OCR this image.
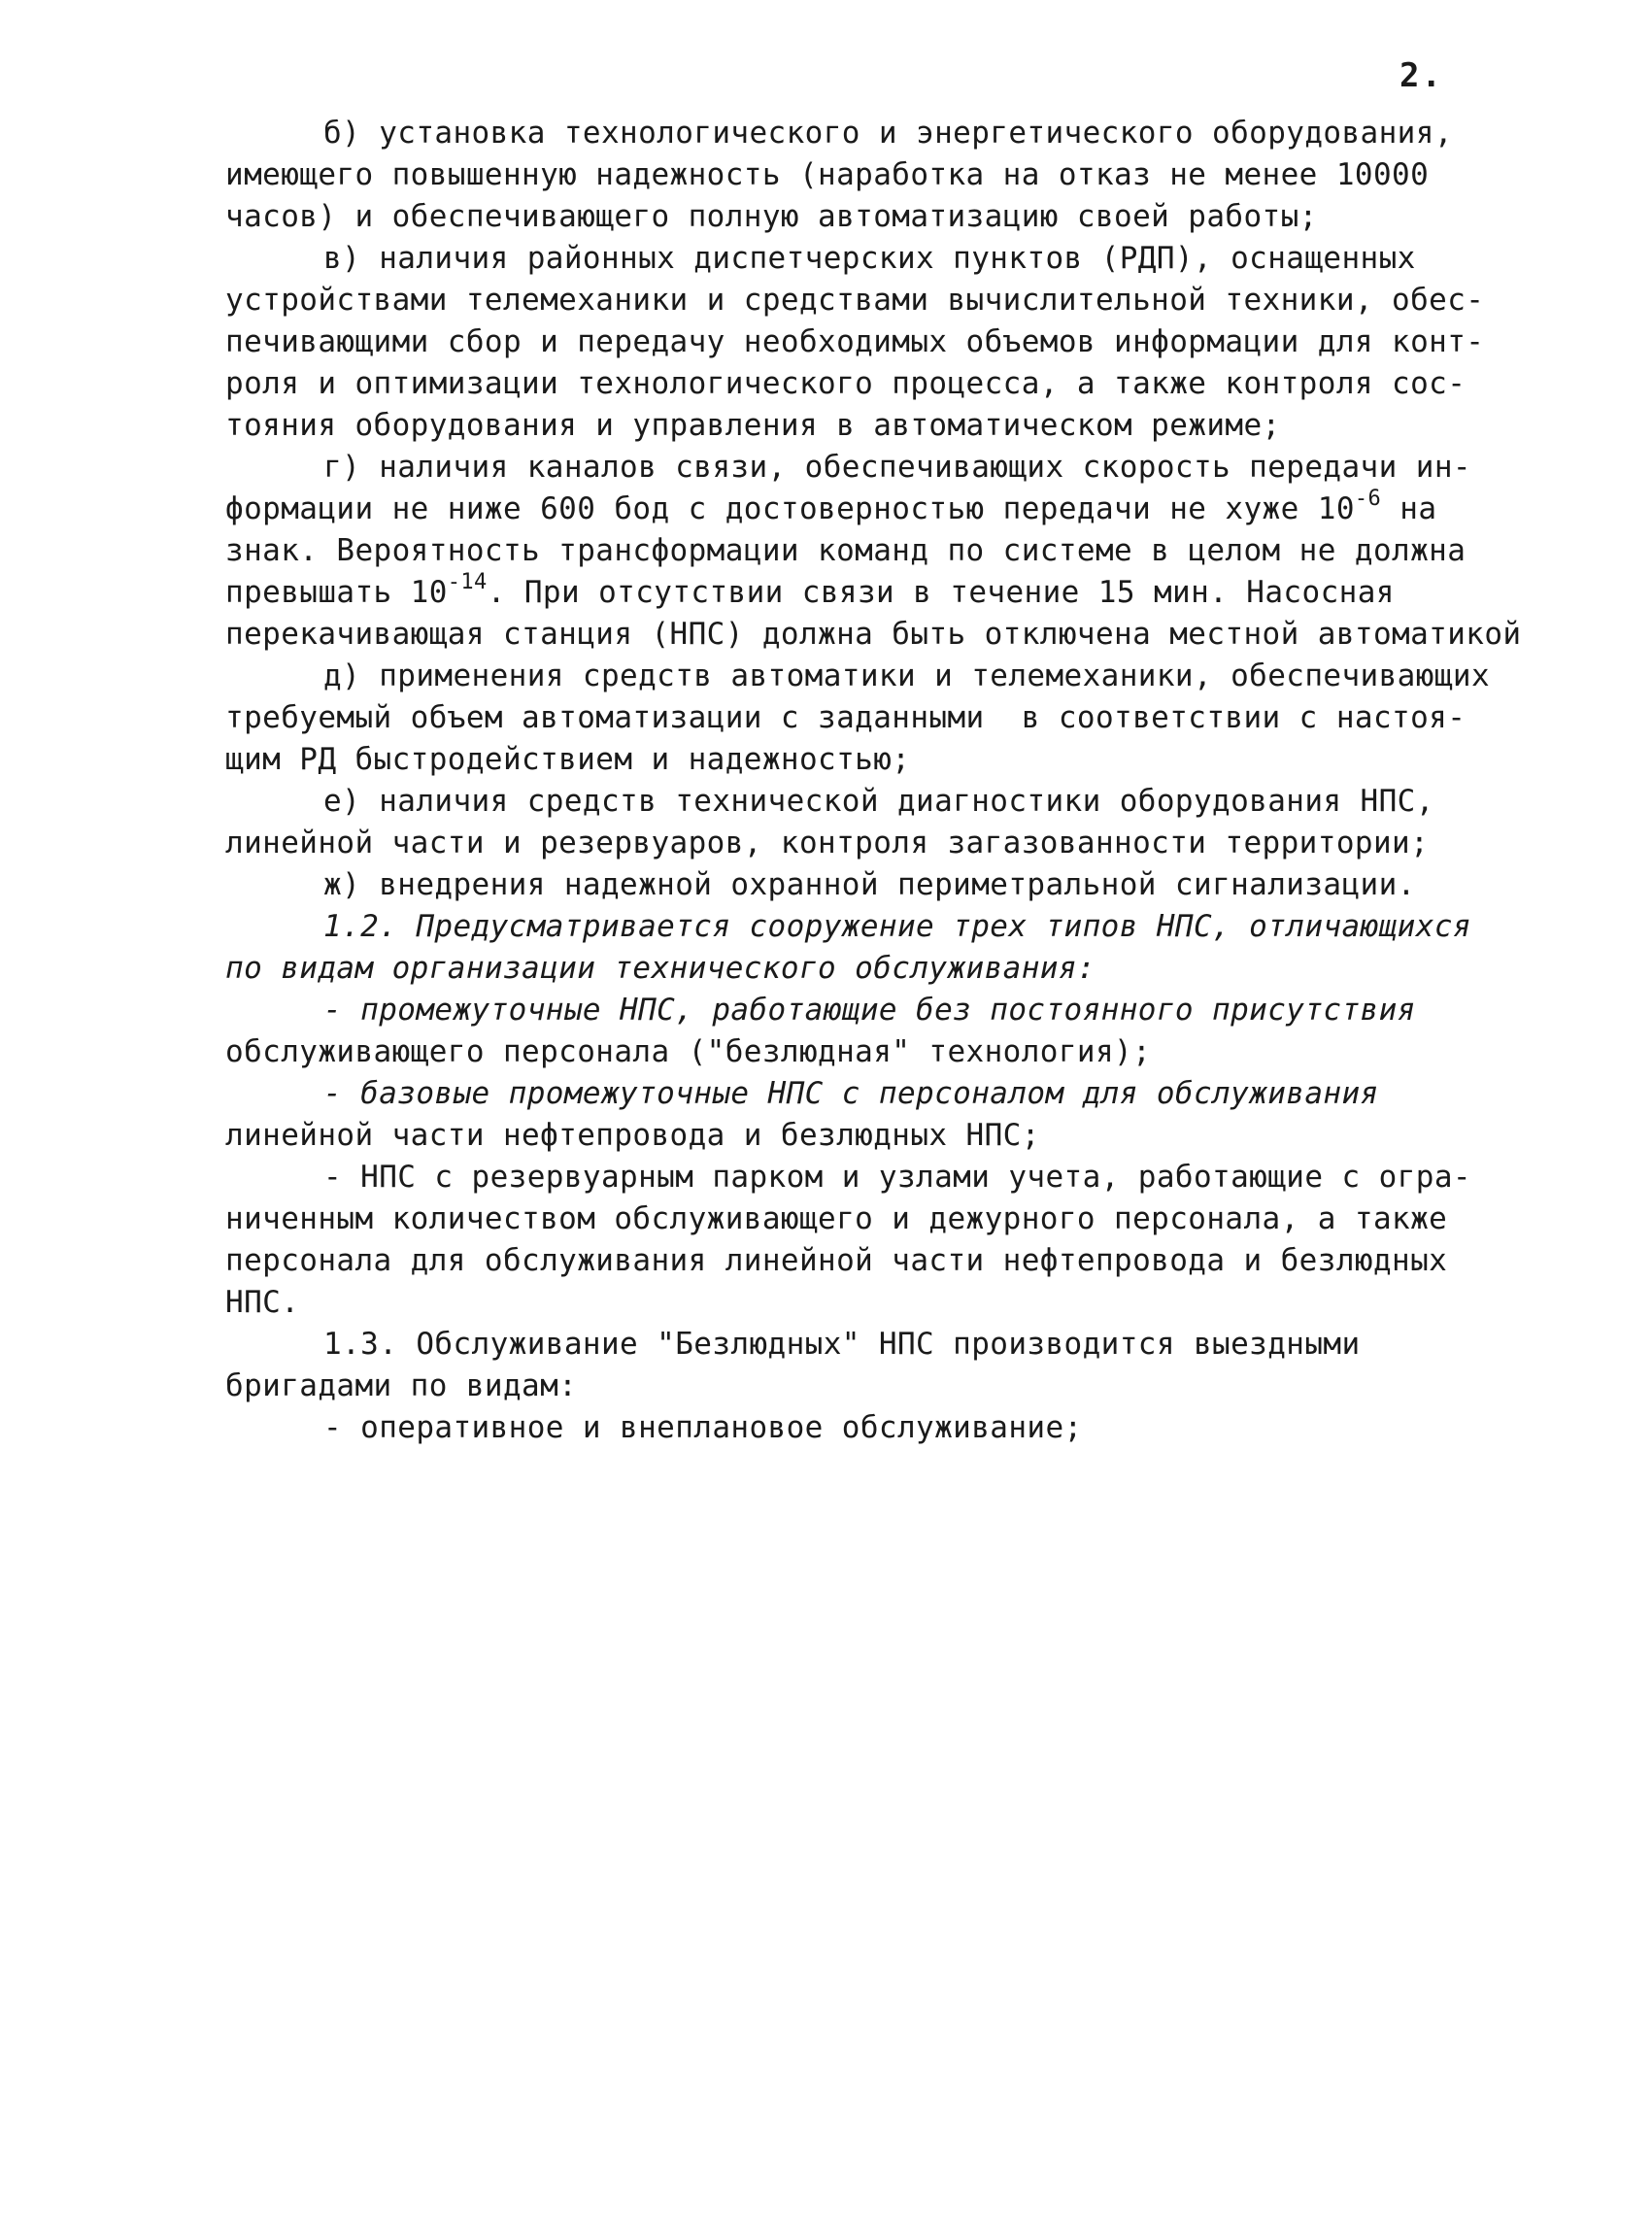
2.
б) установка технологического и энергетического оборудования,
имеющего повышенную надежность (наработка на отказ не менее 10000
часов) и обеспечивающего полную автоматизацию своей работы;
в) наличия районных диспетчерских пунктов (РДП), оснащенных
устройствами телемеханики и средствами вычислительной техники, обес-
печивающими сбор и передачу необходимых объемов информации для конт-
роля и оптимизации технологического процесса, а также контроля сос-
тояния оборудования и управления в автоматическом режиме;
г) наличия каналов связи, обеспечивающих скорость передачи ин-
формации не ниже 600 бод с достоверностью передачи не хуже $10^{-6}$ на
знак. Вероятность трансформации команд по системе в целом не должна
превышать $10^{-14}$. При отсутствии связи в течение 15 мин. Насосная
перекачивающая станция (НПС) должна быть отключена местной автоматикой
д) применения средств автоматики и телемеханики, обеспечивающих
требуемый объем автоматизации с заданными  в соответствии с настоя-
щим РД быстродействием и надежностью;
е) наличия средств технической диагностики оборудования НПС,
линейной части и резервуаров, контроля загазованности территории;
ж) внедрения надежной охранной периметральной сигнализации.
1.2. Предусматривается сооружение трех типов НПС, отличающихся
по видам организации технического обслуживания:
- промежуточные НПС, работающие без постоянного присутствия
обслуживающего персонала ("безлюдная" технология);
- базовые промежуточные НПС с персоналом для обслуживания
линейной части нефтепровода и безлюдных НПС;
- НПС с резервуарным парком и узлами учета, работающие с огра-
ниченным количеством обслуживающего и дежурного персонала, а также
персонала для обслуживания линейной части нефтепровода и безлюдных
НПС.
1.3. Обслуживание "Безлюдных" НПС производится выездными
бригадами по видам:
- оперативное и внеплановое обслуживание;
